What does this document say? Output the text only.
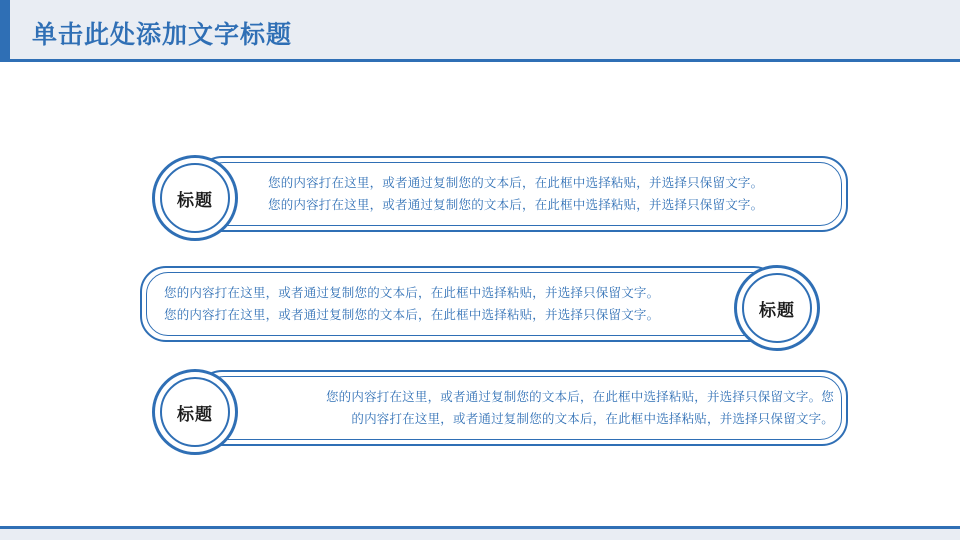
单击此处添加文字标题
您的内容打在这里，或者通过复制您的文本后，在此框中选择粘贴，并选择只保留文字。
您的内容打在这里，或者通过复制您的文本后，在此框中选择粘贴，并选择只保留文字。
标题
您的内容打在这里，或者通过复制您的文本后，在此框中选择粘贴，并选择只保留文字。
您的内容打在这里，或者通过复制您的文本后，在此框中选择粘贴，并选择只保留文字。	标题
您的内容打在这里，或者通过复制您的文本后，在此框中选择粘贴，并选择只保留文字。您
的内容打在这里，或者通过复制您的文本后，在此框中选择粘贴，并选择只保留文字。
标题
